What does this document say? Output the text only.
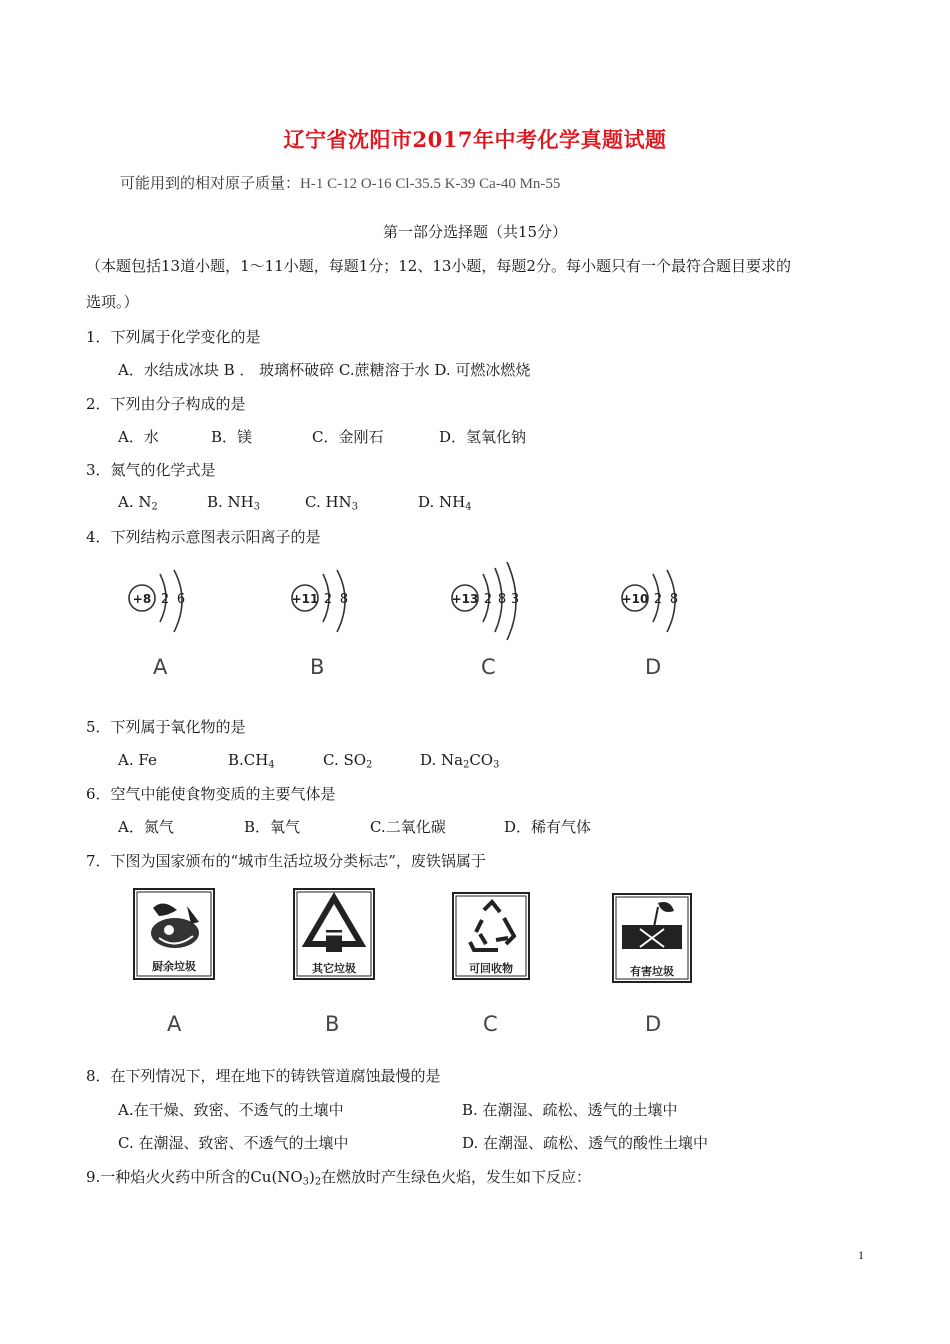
辽宁省沈阳市2017年中考化学真题试题
可能用到的相对原子质量：H-1 C-12 O-16 Cl-35.5 K-39 Ca-40 Mn-55
第一部分选择题（共15分）
（本题包括13道小题，1～11小题，每题1分；12、13小题，每题2分。每小题只有一个最符合题目要求的
选项。）
1．下列属于化学变化的是
A．水结成冰块 B ． 玻璃杯破碎 C.蔗糖溶于水 D. 可燃冰燃烧
2．下列由分子构成的是
A．水	B．镁	C．金刚石	D．氢氧化钠
3．氮气的化学式是
A. $N_2$	B. $NH_3$	C. $HN_3$	D. $NH_4$
4．下列结构示意图表示阳离子的是
+8 2 6
A
+11 2 8
B
+13 2 8 3
C
+10 2 8
D
5．下列属于氧化物的是
A. Fe	$B.CH_4$	C. $SO_2$	D. $Na_2CO_3$
6．空气中能使食物变质的主要气体是
A．氮气	B．氧气	C.二氧化碳	D．稀有气体
7．下图为国家颁布的“城市生活垃圾分类标志”，废铁锅属于
厨余垃圾
A
其它垃圾
B
可回收物
C
有害垃圾
D
8．在下列情况下，埋在地下的铸铁管道腐蚀最慢的是
A.在干燥、致密、不透气的土壤中	B. 在潮湿、疏松、透气的土壤中
C. 在潮湿、致密、不透气的土壤中	D. 在潮湿、疏松、透气的酸性土壤中
9.一种焰火火药中所含的$Cu(NO_3)_2$在燃放时产生绿色火焰，发生如下反应：
1
